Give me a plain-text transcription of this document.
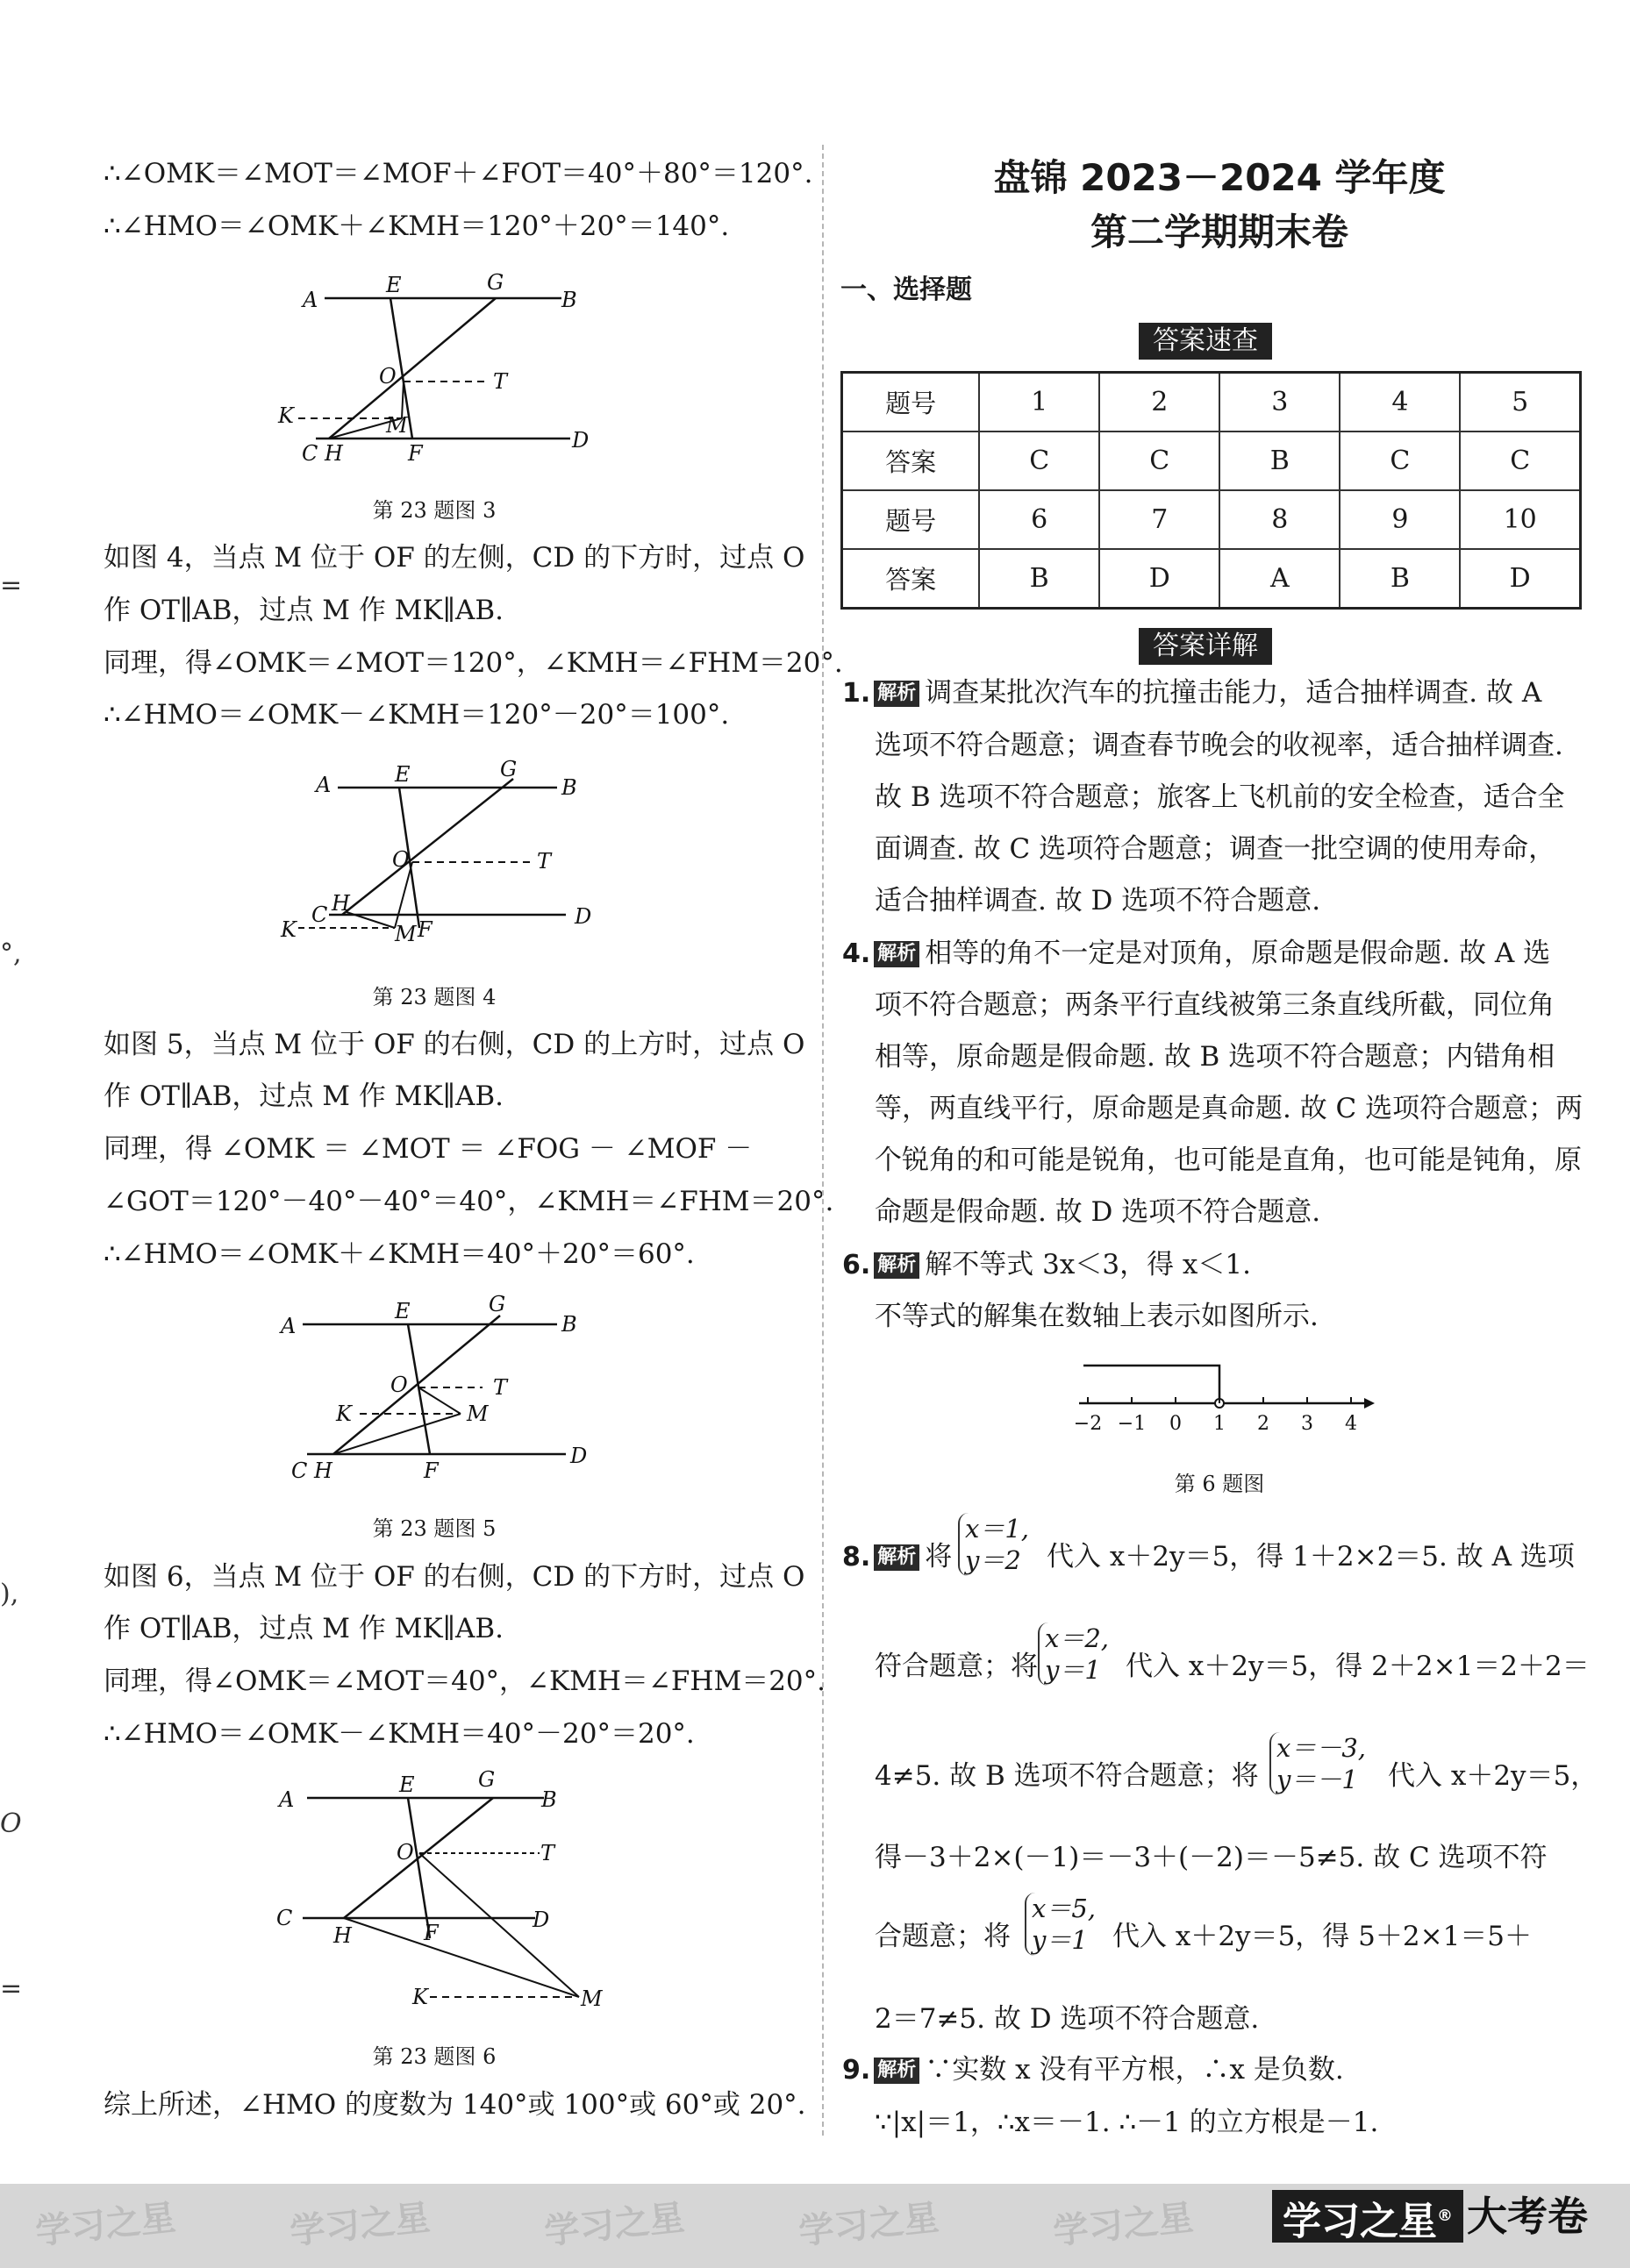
∴∠OMK＝∠MOT＝∠MOF＋∠FOT＝40°＋80°＝120°.
∴∠HMO＝∠OMK＋∠KMH＝120°＋20°＝140°.
A
E	G
B
O	T
K	M
C H	F
D
第 23 题图 3
如图 4，当点 M 位于 OF 的左侧，CD 的下方时，过点 O
作 OT∥AB，过点 M 作 MK∥AB.
同理，得∠OMK＝∠MOT＝120°，∠KMH＝∠FHM＝20°.
∴∠HMO＝∠OMK－∠KMH＝120°－20°＝100°.
A	E	G
B
O	T
C H
K	M F
D
第 23 题图 4
如图 5，当点 M 位于 OF 的右侧，CD 的上方时，过点 O
作 OT∥AB，过点 M 作 MK∥AB.
同理，得 ∠OMK ＝ ∠MOT ＝ ∠FOG － ∠MOF －
∠GOT＝120°－40°－40°＝40°，∠KMH＝∠FHM＝20°.
∴∠HMO＝∠OMK＋∠KMH＝40°＋20°＝60°.
A
E	G
B
O	T
K	M
C H	F
D
第 23 题图 5
如图 6，当点 M 位于 OF 的右侧，CD 的下方时，过点 O
作 OT∥AB，过点 M 作 MK∥AB.
同理，得∠OMK＝∠MOT＝40°，∠KMH＝∠FHM＝20°.
∴∠HMO＝∠OMK－∠KMH＝40°－20°＝20°.
A
E	G
B
O	T
C
H	F
D
K	M
第 23 题图 6
综上所述，∠HMO 的度数为 140°或 100°或 60°或 20°.
=
°,
),
O
=
盘锦 2023－2024 学年度
第二学期期末卷
一、选择题
答案速查
题号	1	2	3	4	5
答案	C	C	B	C	C
题号	6	7	8	9	10
答案	B	D	A	B	D
答案详解
1. 解析 调查某批次汽车的抗撞击能力，适合抽样调查. 故 A
选项不符合题意；调查春节晚会的收视率，适合抽样调查.
故 B 选项不符合题意；旅客上飞机前的安全检查，适合全
面调查. 故 C 选项符合题意；调查一批空调的使用寿命，
适合抽样调查. 故 D 选项不符合题意.
4. 解析 相等的角不一定是对顶角，原命题是假命题. 故 A 选
项不符合题意；两条平行直线被第三条直线所截，同位角
相等，原命题是假命题. 故 B 选项不符合题意；内错角相
等，两直线平行，原命题是真命题. 故 C 选项符合题意；两
个锐角的和可能是锐角，也可能是直角，也可能是钝角，原
命题是假命题. 故 D 选项不符合题意.
6. 解析 解不等式 3x＜3，得 x＜1.
不等式的解集在数轴上表示如图所示.
−2 −1 0 1 2 3 4
第 6 题图
8. 解析 将
x＝1,
y＝2 代入 x＋2y＝5，得 1＋2×2＝5. 故 A 选项
符合题意；将
x＝2,
y＝1 代入 x＋2y＝5，得 2＋2×1＝2＋2＝
4≠5. 故 B 选项不符合题意；将
x＝－3,
y＝－1 代入 x＋2y＝5，
得－3＋2×(－1)＝－3＋(－2)＝－5≠5. 故 C 选项不符
合题意；将
x＝5,
y＝1 代入 x＋2y＝5，得 5＋2×1＝5＋
2＝7≠5. 故 D 选项不符合题意.
9. 解析 ∵实数 x 没有平方根，∴x 是负数.
∵|x|＝1，∴x＝－1. ∴－1 的立方根是－1.
学习之星	学习之星	学习之星	学习之星	学习之星 学习之星® 大考卷
